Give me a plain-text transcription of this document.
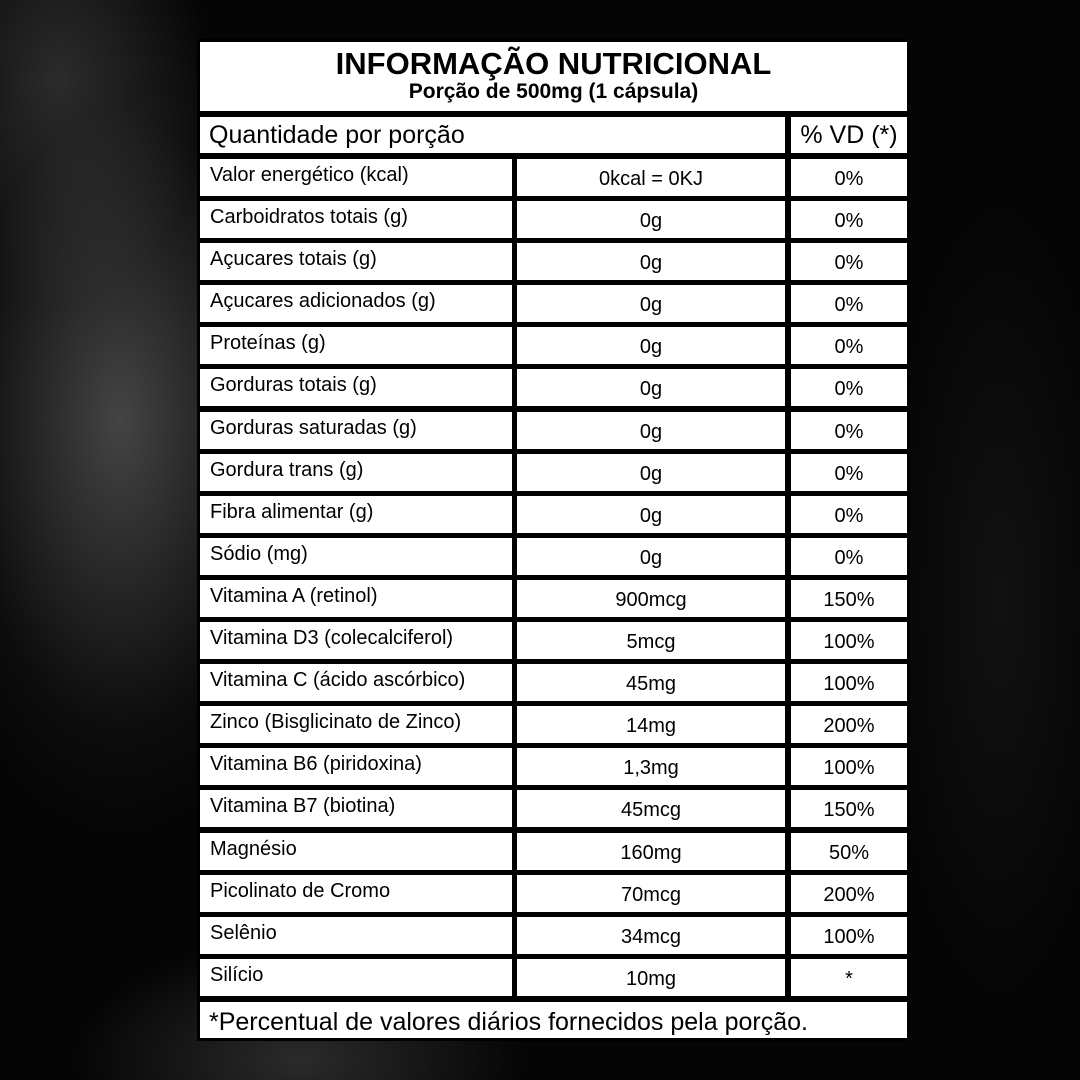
INFORMAÇÃO NUTRICIONAL
Porção de 500mg (1 cápsula)
Quantidade por porção	% VD (*)
Valor energético (kcal)	0kcal = 0KJ	0%
Carboidratos totais (g)	0g	0%
Açucares totais (g)	0g	0%
Açucares adicionados (g)	0g	0%
Proteínas (g)	0g	0%
Gorduras totais (g)	0g	0%
Gorduras saturadas (g)	0g	0%
Gordura trans (g)	0g	0%
Fibra alimentar (g)	0g	0%
Sódio (mg)	0g	0%
Vitamina A (retinol)	900mcg	150%
Vitamina D3 (colecalciferol)	5mcg	100%
Vitamina C (ácido ascórbico)	45mg	100%
Zinco (Bisglicinato de Zinco)	14mg	200%
Vitamina B6 (piridoxina)	1,3mg	100%
Vitamina B7 (biotina)	45mcg	150%
Magnésio	160mg	50%
Picolinato de Cromo	70mcg	200%
Selênio	34mcg	100%
Silício	10mg	*
*Percentual de valores diários fornecidos pela porção.
